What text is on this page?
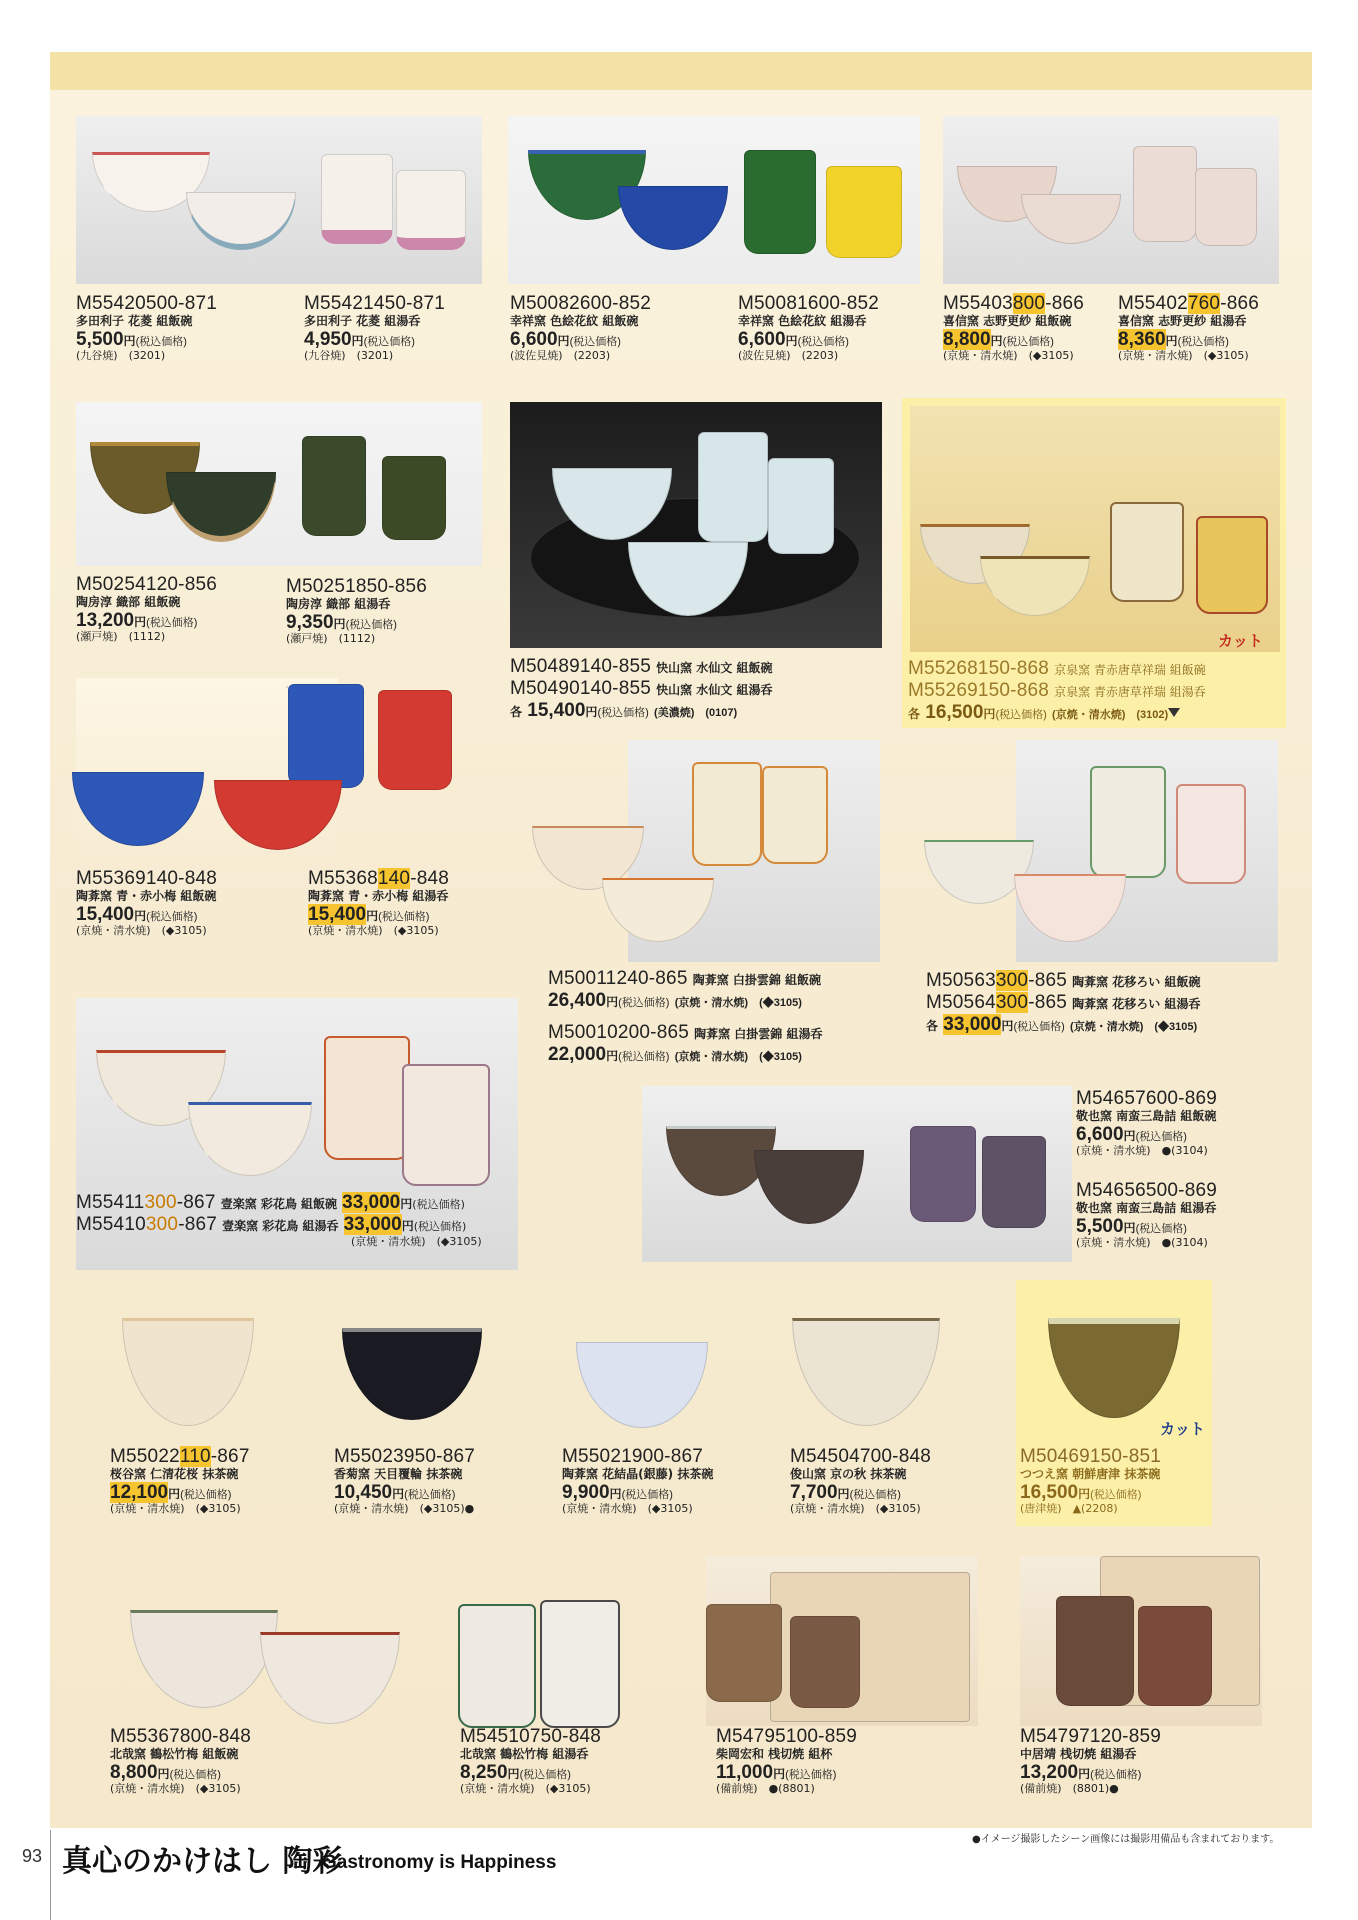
M55420500-871
多田利子 花菱 組飯碗
5,500円(税込価格)
(九谷焼)　(3201)
M55421450-871
多田利子 花菱 組湯呑
4,950円(税込価格)
(九谷焼)　(3201)
M50082600-852
幸祥窯 色絵花紋 組飯碗
6,600円(税込価格)
(波佐見焼)　(2203)
M50081600-852
幸祥窯 色絵花紋 組湯呑
6,600円(税込価格)
(波佐見焼)　(2203)
M55403800-866
喜信窯 志野更紗 組飯碗
8,800円(税込価格)
(京焼・清水焼)　(◆3105)
M55402760-866
喜信窯 志野更紗 組湯呑
8,360円(税込価格)
(京焼・清水焼)　(◆3105)
カット
M50254120-856
陶房淳 織部 組飯碗
13,200円(税込価格)
(瀬戸焼)　(1112)
M50251850-856
陶房淳 織部 組湯呑
9,350円(税込価格)
(瀬戸焼)　(1112)
M50489140-855 快山窯 水仙文 組飯碗
M50490140-855 快山窯 水仙文 組湯呑
各 15,400円(税込価格) (美濃焼)　(0107)
M55268150-868 京泉窯 青赤唐草祥瑞 組飯碗
M55269150-868 京泉窯 青赤唐草祥瑞 組湯呑
各 16,500円(税込価格) (京焼・清水焼)　(3102)
M55369140-848
陶葊窯 青・赤小梅 組飯碗
15,400円(税込価格)
(京焼・清水焼)　(◆3105)
M55368140-848
陶葊窯 青・赤小梅 組湯呑
15,400円(税込価格)
(京焼・清水焼)　(◆3105)
M50011240-865 陶葊窯 白掛雲錦 組飯碗
26,400円(税込価格) (京焼・清水焼)　(◆3105)
M50010200-865 陶葊窯 白掛雲錦 組湯呑
22,000円(税込価格) (京焼・清水焼)　(◆3105)
M50563300-865 陶葊窯 花移ろい 組飯碗
M50564300-865 陶葊窯 花移ろい 組湯呑
各 33,000円(税込価格) (京焼・清水焼)　(◆3105)
M55411300-867 壹楽窯 彩花鳥 組飯碗 33,000円(税込価格)
M55410300-867 壹楽窯 彩花鳥 組湯呑 33,000円(税込価格)
(京焼・清水焼)　(◆3105)
M54657600-869
敬也窯 南蛮三島詰 組飯碗
6,600円(税込価格)
(京焼・清水焼)　●(3104)
M54656500-869
敬也窯 南蛮三島詰 組湯呑
5,500円(税込価格)
(京焼・清水焼)　●(3104)
カット
M55022110-867
桜谷窯 仁清花桜 抹茶碗
12,100円(税込価格)
(京焼・清水焼)　(◆3105)
M55023950-867
香菊窯 天目覆輪 抹茶碗
10,450円(税込価格)
(京焼・清水焼)　(◆3105)●
M55021900-867
陶葊窯 花結晶(銀藤) 抹茶碗
9,900円(税込価格)
(京焼・清水焼)　(◆3105)
M54504700-848
俊山窯 京の秋 抹茶碗
7,700円(税込価格)
(京焼・清水焼)　(◆3105)
M50469150-851
つつえ窯 朝鮮唐津 抹茶碗
16,500円(税込価格)
(唐津焼)　▲(2208)
M55367800-848
北哉窯 鶴松竹梅 組飯碗
8,800円(税込価格)
(京焼・清水焼)　(◆3105)
M54510750-848
北哉窯 鶴松竹梅 組湯呑
8,250円(税込価格)
(京焼・清水焼)　(◆3105)
M54795100-859
柴岡宏和 桟切焼 組杯
11,000円(税込価格)
(備前焼)　●(8801)
M54797120-859
中居靖 桟切焼 組湯呑
13,200円(税込価格)
(備前焼)　(8801)●
●イメージ撮影したシーン画像には撮影用備品も含まれております。
93 真心のかけはし 陶彩
Gastronomy is Happiness
